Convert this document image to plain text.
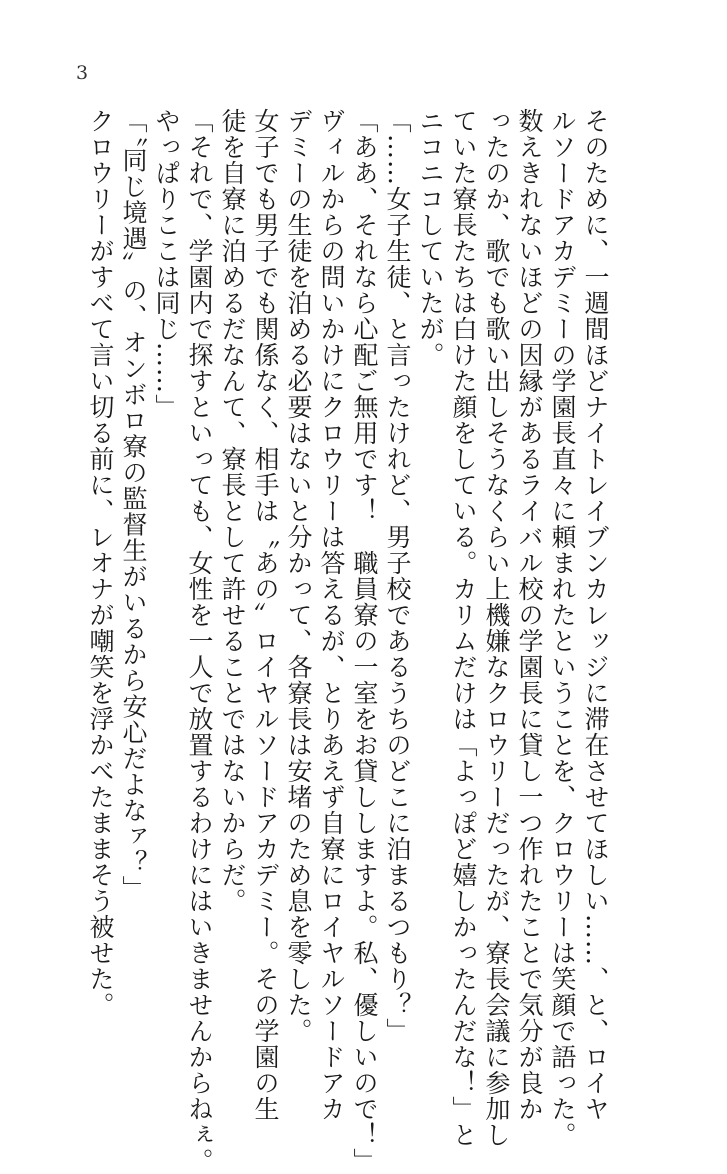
3
そのために、一週間ほどナイトレイブンカレッジに滞在させてほしい……、と、ロイヤ
ルソードアカデミーの学園長直々に頼まれたということを、クロウリーは笑顔で語った。
数えきれないほどの因縁があるライバル校の学園長に貸し一つ作れたことで気分が良か
ったのか、歌でも歌い出しそうなくらい上機嫌なクロウリーだったが、寮長会議に参加し
ていた寮長たちは白けた顔をしている。カリムだけは「よっぽど嬉しかったんだな！」と
ニコニコしていたが。
「……女子生徒、と言ったけれど、男子校であるうちのどこに泊まるつもり？」
「ああ、それなら心配ご無用です！　職員寮の一室をお貸ししますよ。私、優しいので！」
ヴィルからの問いかけにクロウリーは答えるが、とりあえず自寮にロイヤルソードアカ
デミーの生徒を泊める必要はないと分かって、各寮長は安堵のため息を零した。
女子でも男子でも関係なく、相手は〝あの〟ロイヤルソードアカデミー。その学園の生
徒を自寮に泊めるだなんて、寮長として許せることではないからだ。
「それで、学園内で探すといっても、女性を一人で放置するわけにはいきませんからねぇ。
やっぱりここは同じ……」
「〝同じ境遇〟の、オンボロ寮の監督生がいるから安心だよなァ？」
クロウリーがすべて言い切る前に、レオナが嘲笑を浮かべたままそう被せた。
